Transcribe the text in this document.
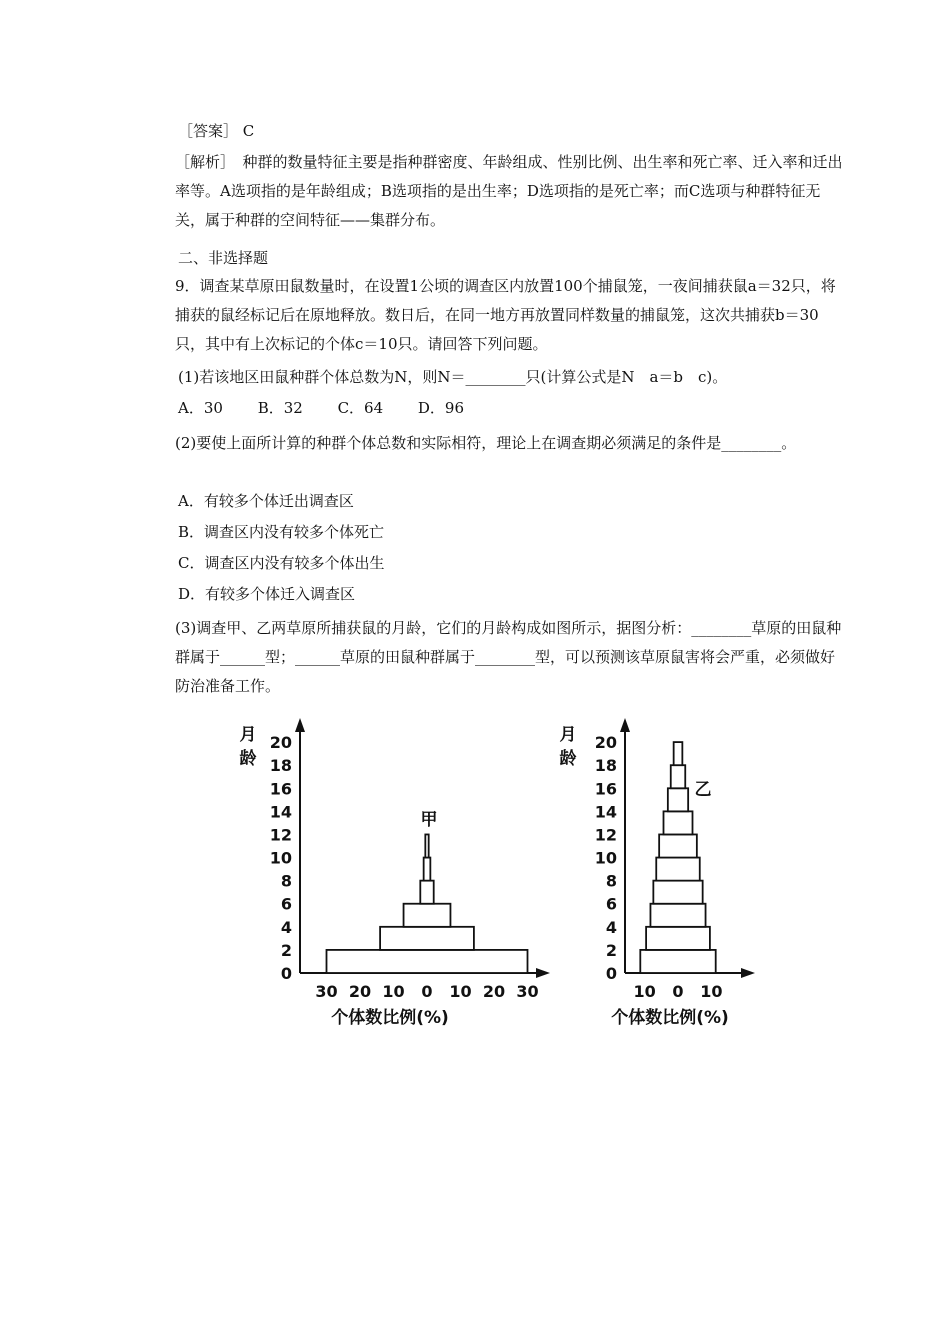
［答案］ C
［解析］　种群的数量特征主要是指种群密度、年龄组成、性别比例、出生率和死亡率、迁入率和迁出率等。A选项指的是年龄组成；B选项指的是出生率；D选项指的是死亡率；而C选项与种群特征无关，属于种群的空间特征——集群分布。
二、非选择题
9．调查某草原田鼠数量时，在设置1公顷的调查区内放置100个捕鼠笼，一夜间捕获鼠a＝32只，将捕获的鼠经标记后在原地释放。数日后，在同一地方再放置同样数量的捕鼠笼，这次共捕获b＝30只，其中有上次标记的个体c＝10只。请回答下列问题。
(1)若该地区田鼠种群个体总数为N，则N＝________只(计算公式是N　a＝b　c)。
A．30　　 B．32　　 C．64　　 D．96
(2)要使上面所计算的种群个体总数和实际相符，理论上在调查期必须满足的条件是________。
A．有较多个体迁出调查区
B．调查区内没有较多个体死亡
C．调查区内没有较多个体出生
D．有较多个体迁入调查区
(3)调查甲、乙两草原所捕获鼠的月龄，它们的月龄构成如图所示，据图分析：________草原的田鼠种群属于______型；______草原的田鼠种群属于________型，可以预测该草原鼠害将会严重，必须做好防治准备工作。
月
龄
0
2
4
6
8
10
12
14
16
18
20
30 20 10 0 10 20 30
甲
个体数比例(%)
月
龄
0
2
4
6
8
10
12
14
16
18
20
10 0 10
乙
个体数比例(%)
